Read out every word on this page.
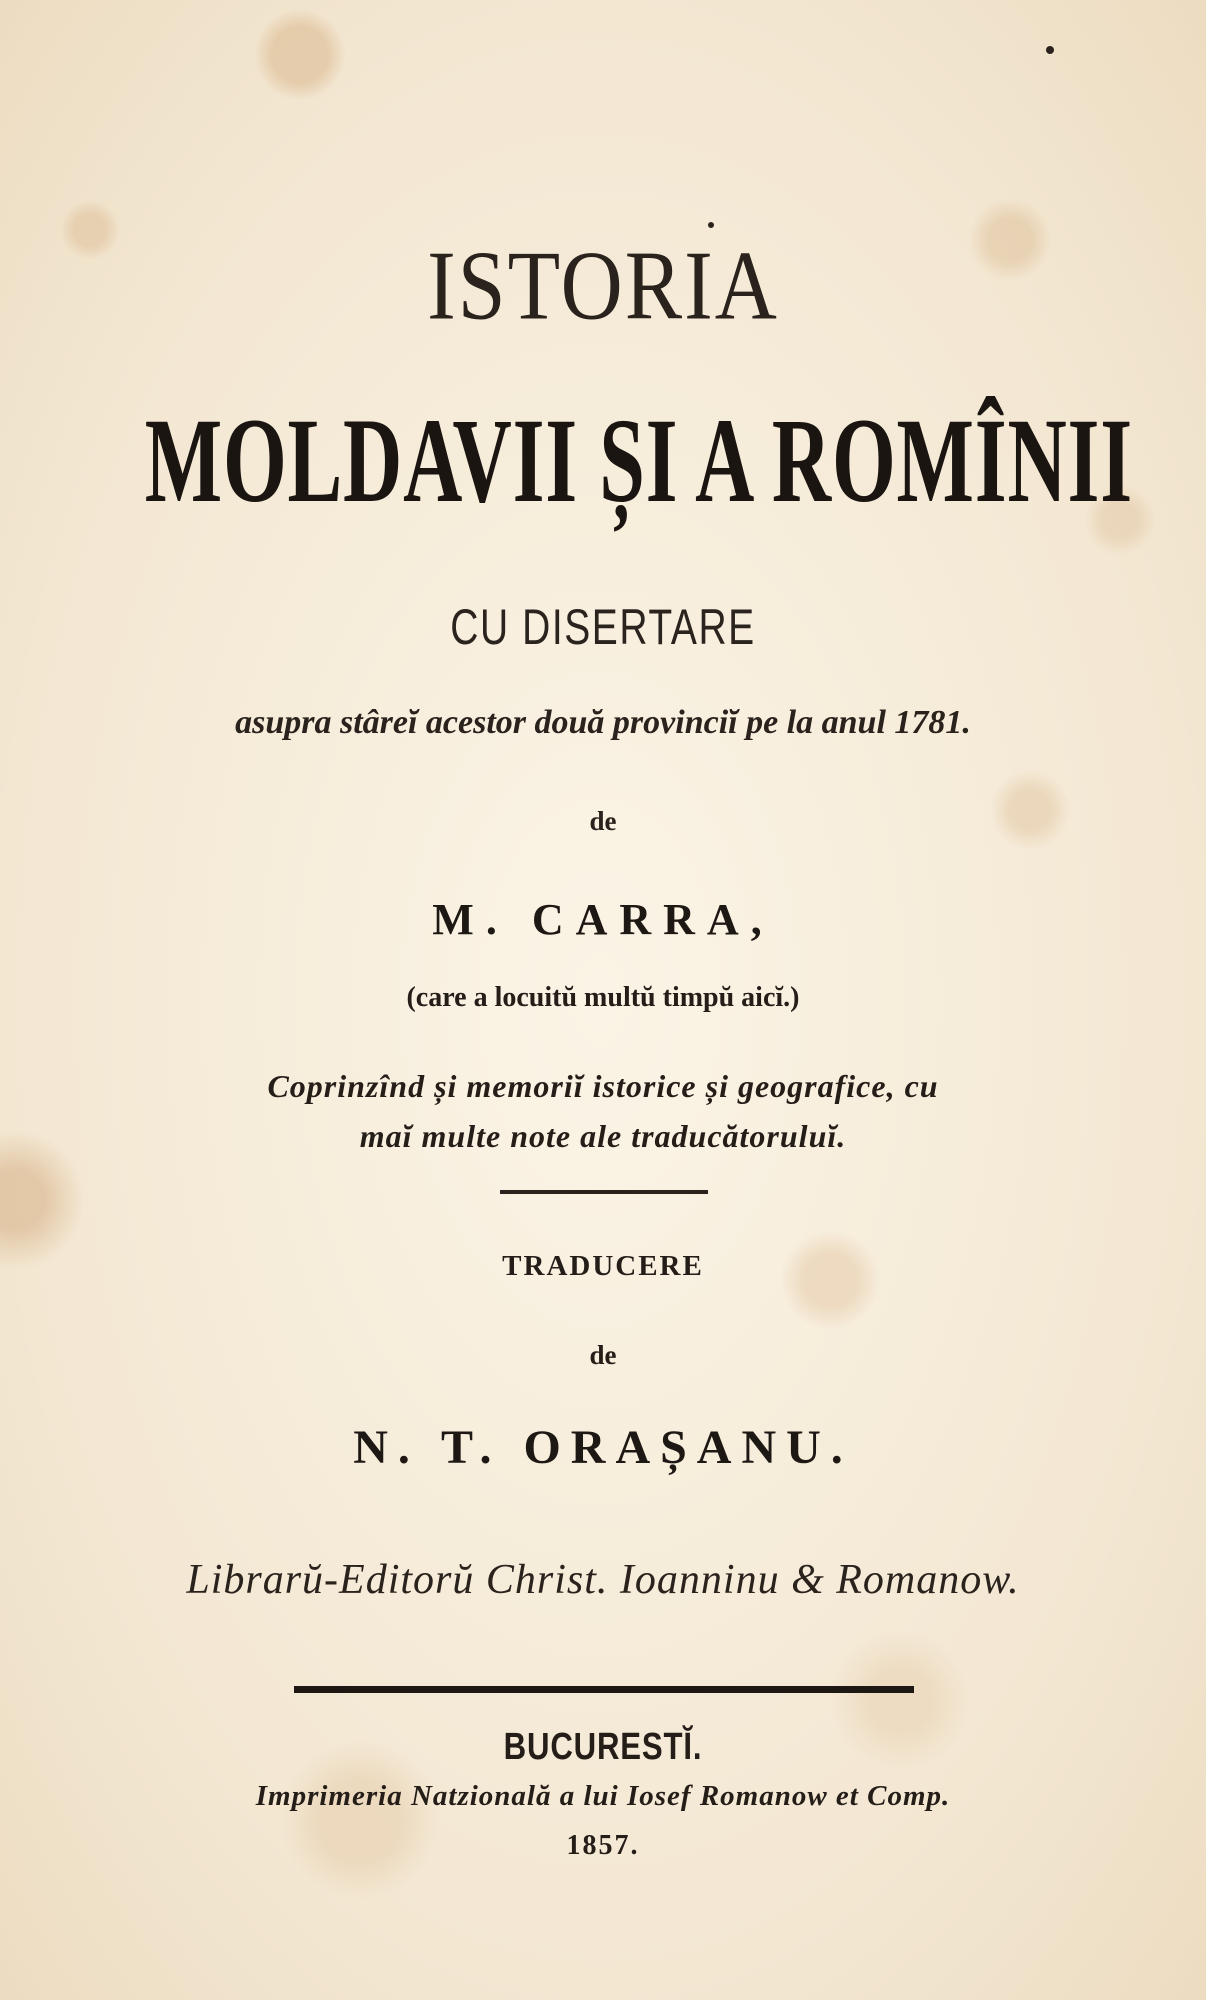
ISTORIA
MOLDAVII ȘI A ROMÎNII
CU DISERTARE
asupra stâreĭ acestor două provinciĭ pe la anul 1781.
de
M. CARRA,
(care a locuitŭ multŭ timpŭ aicĭ.)
Coprinzînd și memoriĭ istorice și geografice, cu
maĭ multe note ale traducătoruluĭ.
TRADUCERE
de
N. T. ORAȘANU.
Librarŭ-Editorŭ Christ. Ioanninu & Romanow.
BUCURESTĬ.
Imprimeria Natzională a lui Iosef Romanow et Comp.
1857.
